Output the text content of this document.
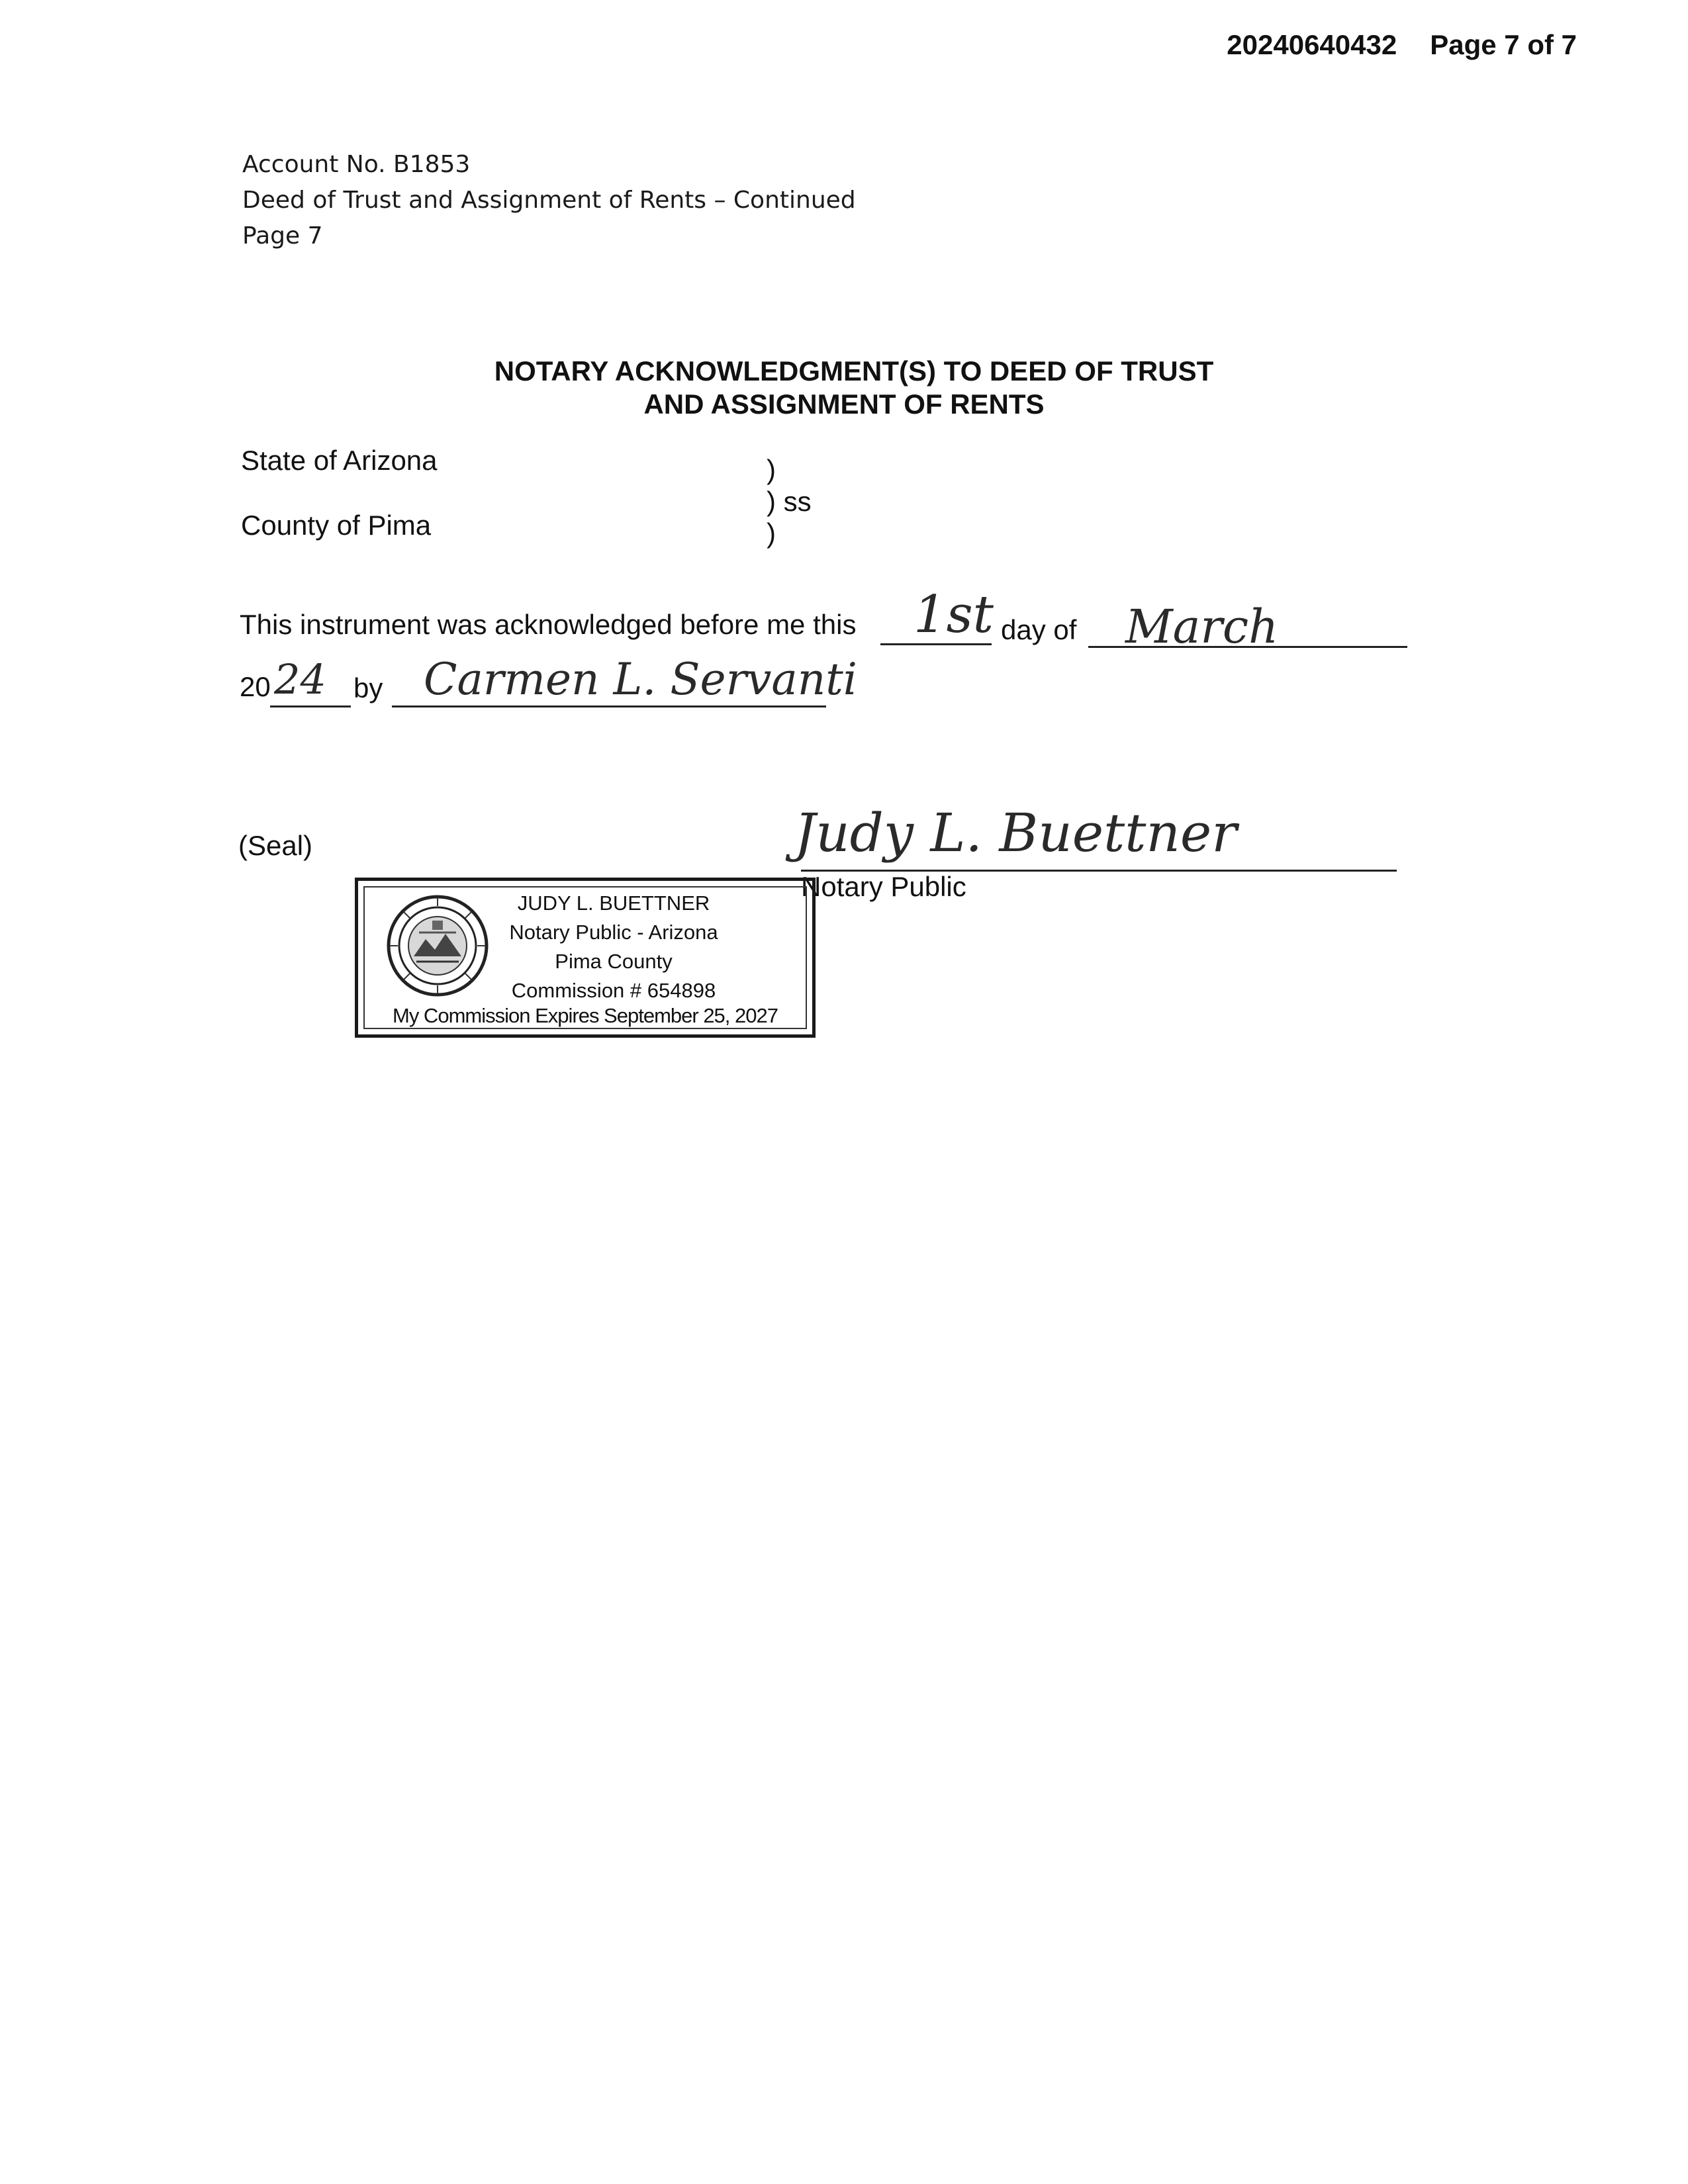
20240640432 Page 7 of 7
Account No. B1853
Deed of Trust and Assignment of Rents – Continued
Page 7
NOTARY ACKNOWLEDGMENT(S) TO DEED OF TRUST
AND ASSIGNMENT OF RENTS
State of Arizona
County of Pima
)
) ss
)
This instrument was acknowledged before me this 1st day of March
20 24 by Carmen L. Servanti
(Seal)	Judy L. Buettner
Notary Public
JUDY L. BUETTNER
Notary Public - Arizona
Pima County
Commission # 654898
My Commission Expires September 25, 2027
